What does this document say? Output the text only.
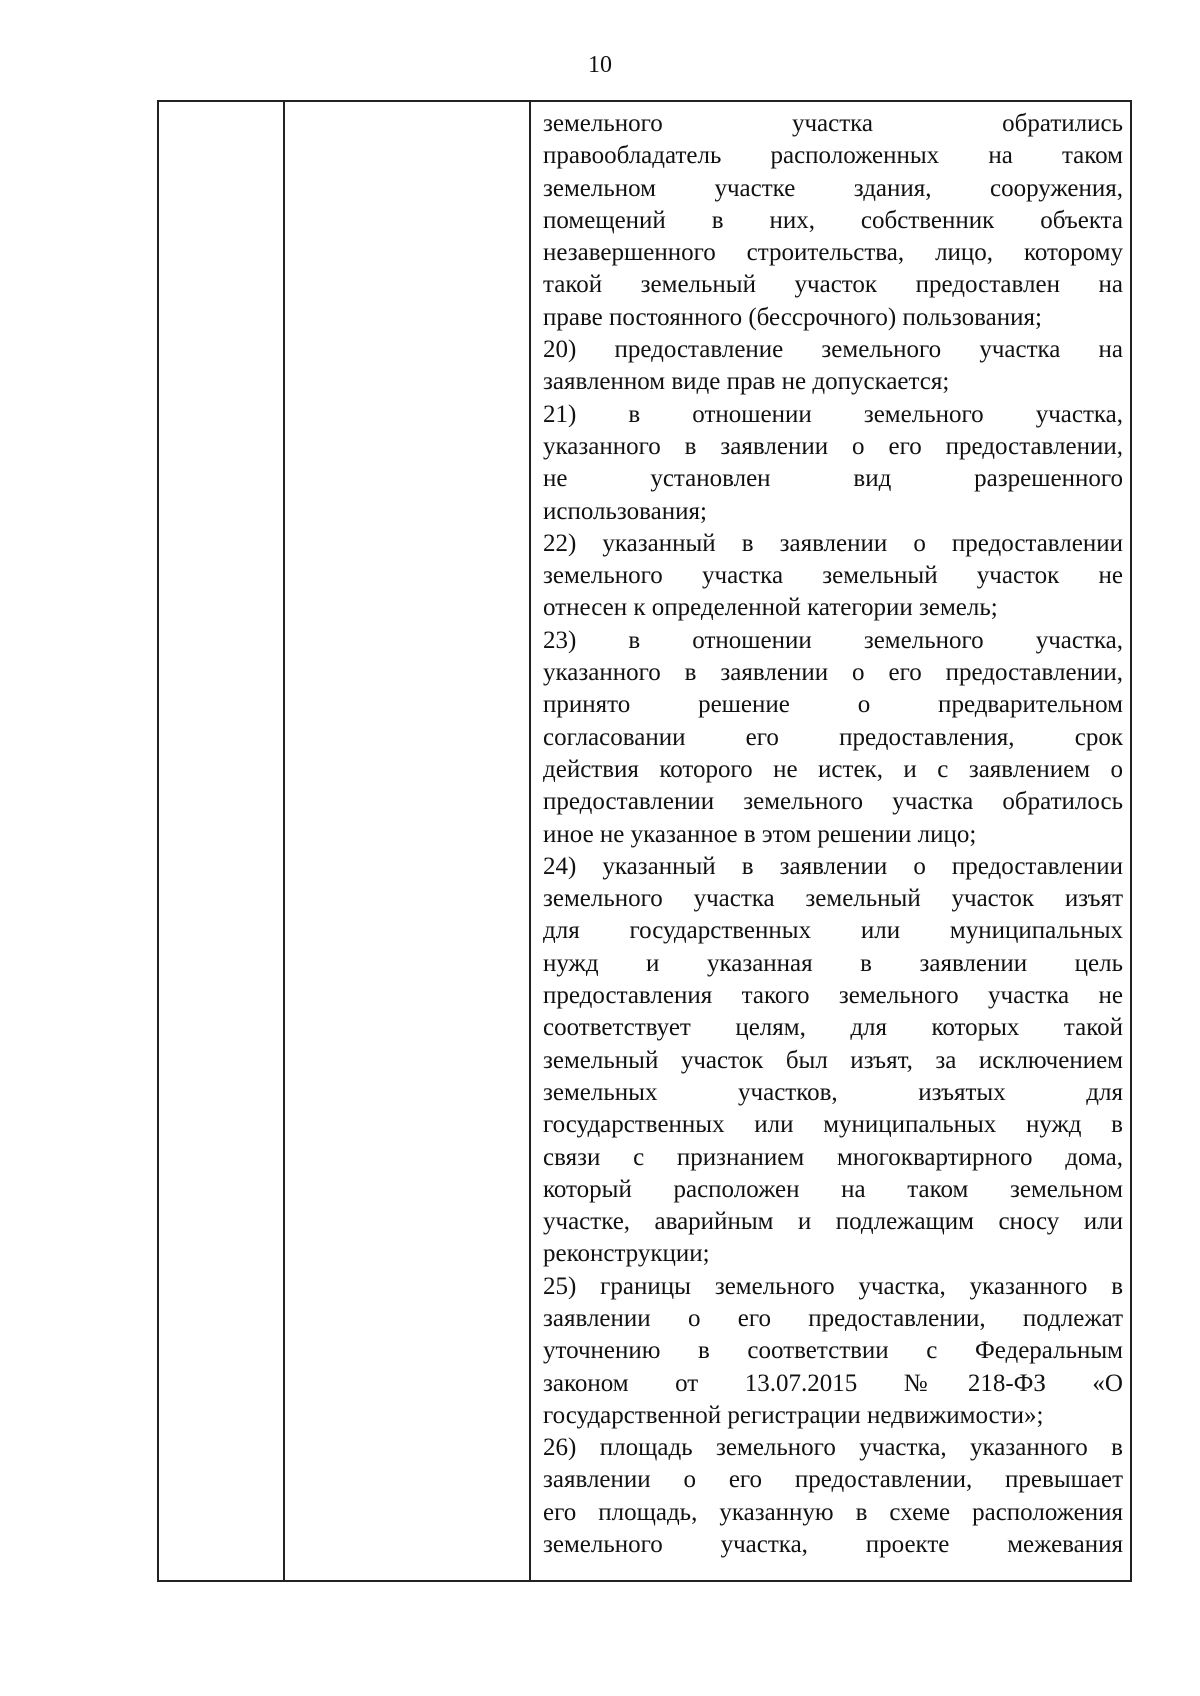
10
земельного участка обратились
правообладатель расположенных на таком
земельном участке здания, сооружения,
помещений в них, собственник объекта
незавершенного строительства, лицо, которому
такой земельный участок предоставлен на
праве постоянного (бессрочного) пользования;
20) предоставление земельного участка на
заявленном виде прав не допускается;
21) в отношении земельного участка,
указанного в заявлении о его предоставлении,
не установлен вид разрешенного
использования;
22) указанный в заявлении о предоставлении
земельного участка земельный участок не
отнесен к определенной категории земель;
23) в отношении земельного участка,
указанного в заявлении о его предоставлении,
принято решение о предварительном
согласовании его предоставления, срок
действия которого не истек, и с заявлением о
предоставлении земельного участка обратилось
иное не указанное в этом решении лицо;
24) указанный в заявлении о предоставлении
земельного участка земельный участок изъят
для государственных или муниципальных
нужд и указанная в заявлении цель
предоставления такого земельного участка не
соответствует целям, для которых такой
земельный участок был изъят, за исключением
земельных участков, изъятых для
государственных или муниципальных нужд в
связи с признанием многоквартирного дома,
который расположен на таком земельном
участке, аварийным и подлежащим сносу или
реконструкции;
25) границы земельного участка, указанного в
заявлении о его предоставлении, подлежат
уточнению в соответствии с Федеральным
законом от 13.07.2015 №218-ФЗ «О
государственной регистрации недвижимости»;
26) площадь земельного участка, указанного в
заявлении о его предоставлении, превышает
его площадь, указанную в схеме расположения
земельного участка, проекте межевания
